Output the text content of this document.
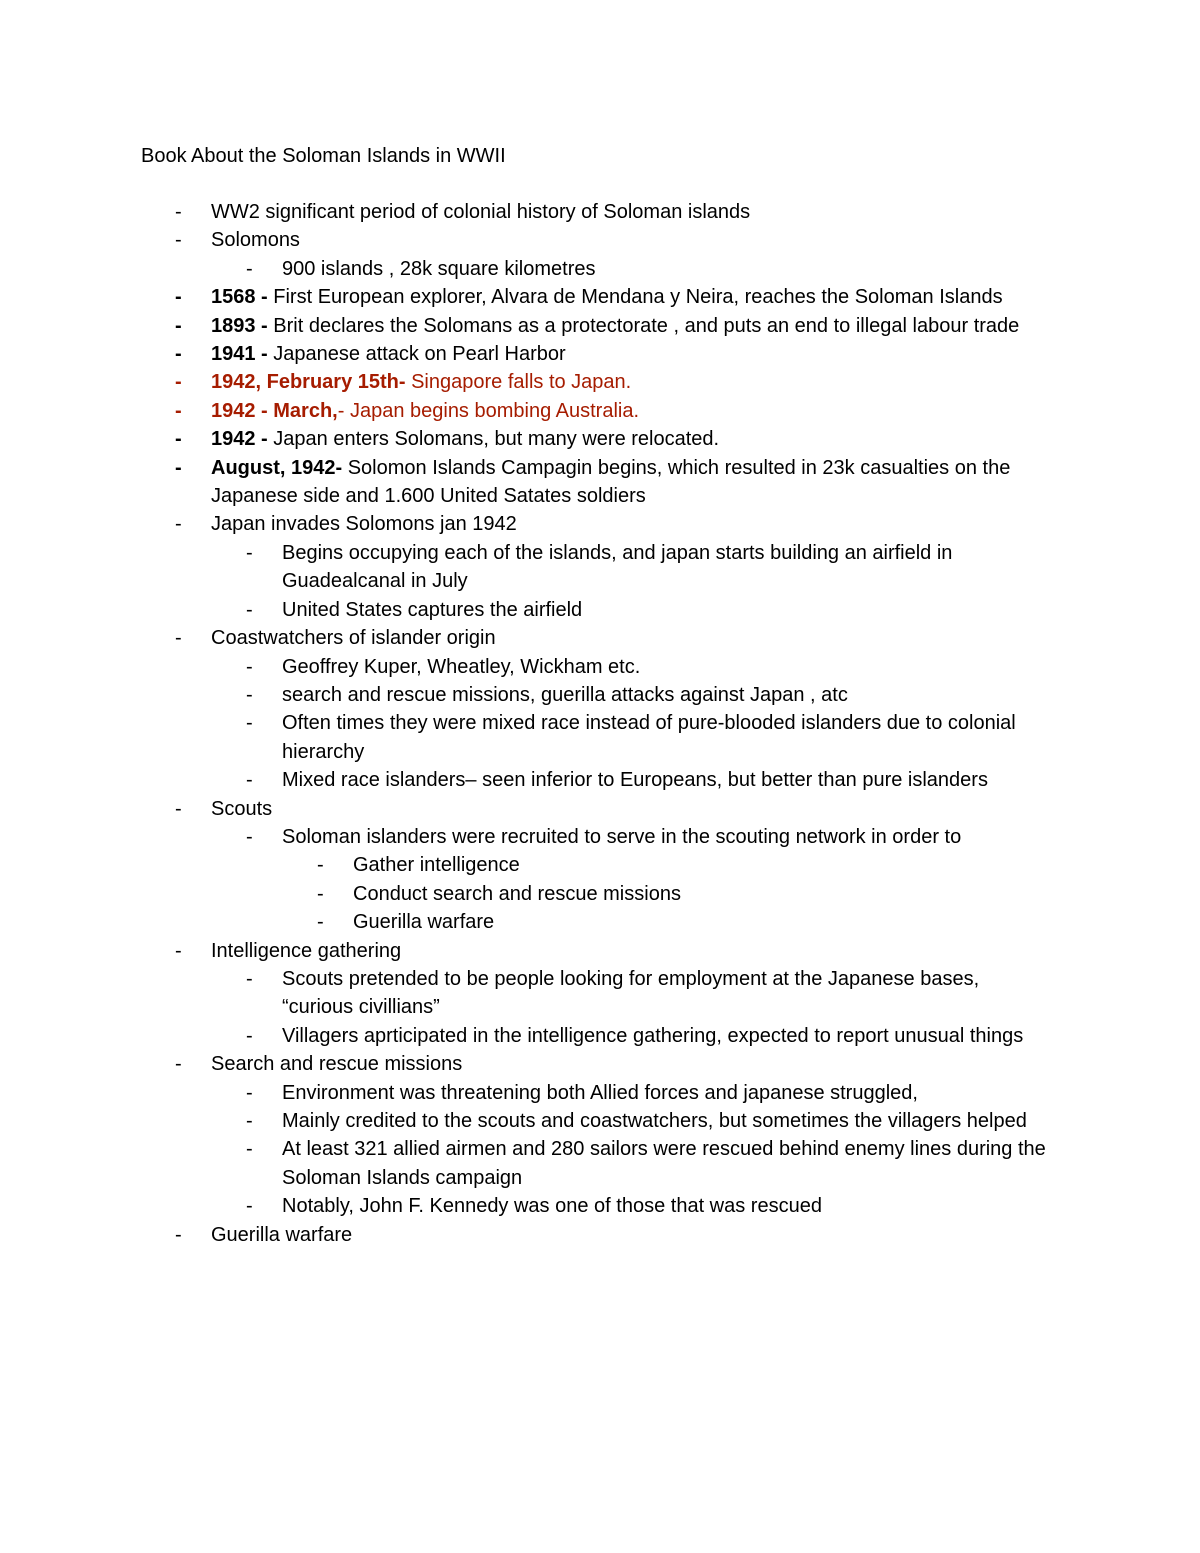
Book About the Soloman Islands in WWII
-	WW2 significant period of colonial history of Soloman islands
-	Solomons
-	900 islands , 28k square kilometres
-	1568 - First European explorer, Alvara de Mendana y Neira, reaches the Soloman Islands
-	1893 - Brit declares the Solomans as a protectorate , and puts an end to illegal labour trade
-	1941 - Japanese attack on Pearl Harbor
-	1942, February 15th- Singapore falls to Japan.
-	1942 - March,- Japan begins bombing Australia.
-	1942 - Japan enters Solomans, but many were relocated.
-	August, 1942- Solomon Islands Campagin begins, which resulted in 23k casualties on the Japanese side and 1.600 United Satates soldiers
-	Japan invades Solomons jan 1942
-	Begins occupying each of the islands, and japan starts building an airfield in Guadealcanal in July
-	United States captures the airfield
-	Coastwatchers of islander origin
-	Geoffrey Kuper, Wheatley, Wickham etc.
-	search and rescue missions, guerilla attacks against Japan , atc
-	Often times they were mixed race instead of pure-blooded islanders due to colonial hierarchy
-	Mixed race islanders– seen inferior to Europeans, but better than pure islanders
-	Scouts
-	Soloman islanders were recruited to serve in the scouting network in order to
-	Gather intelligence
-	Conduct search and rescue missions
-	Guerilla warfare
-	Intelligence gathering
-	Scouts pretended to be people looking for employment at the Japanese bases, “curious civillians”
-	Villagers aprticipated in the intelligence gathering, expected to report unusual things
-	Search and rescue missions
-	Environment was threatening both Allied forces and japanese struggled,
-	Mainly credited to the scouts and coastwatchers, but sometimes the villagers helped
-	At least 321 allied airmen and 280 sailors were rescued behind enemy lines during the Soloman Islands campaign
-	Notably, John F. Kennedy was one of those that was rescued
-	Guerilla warfare
